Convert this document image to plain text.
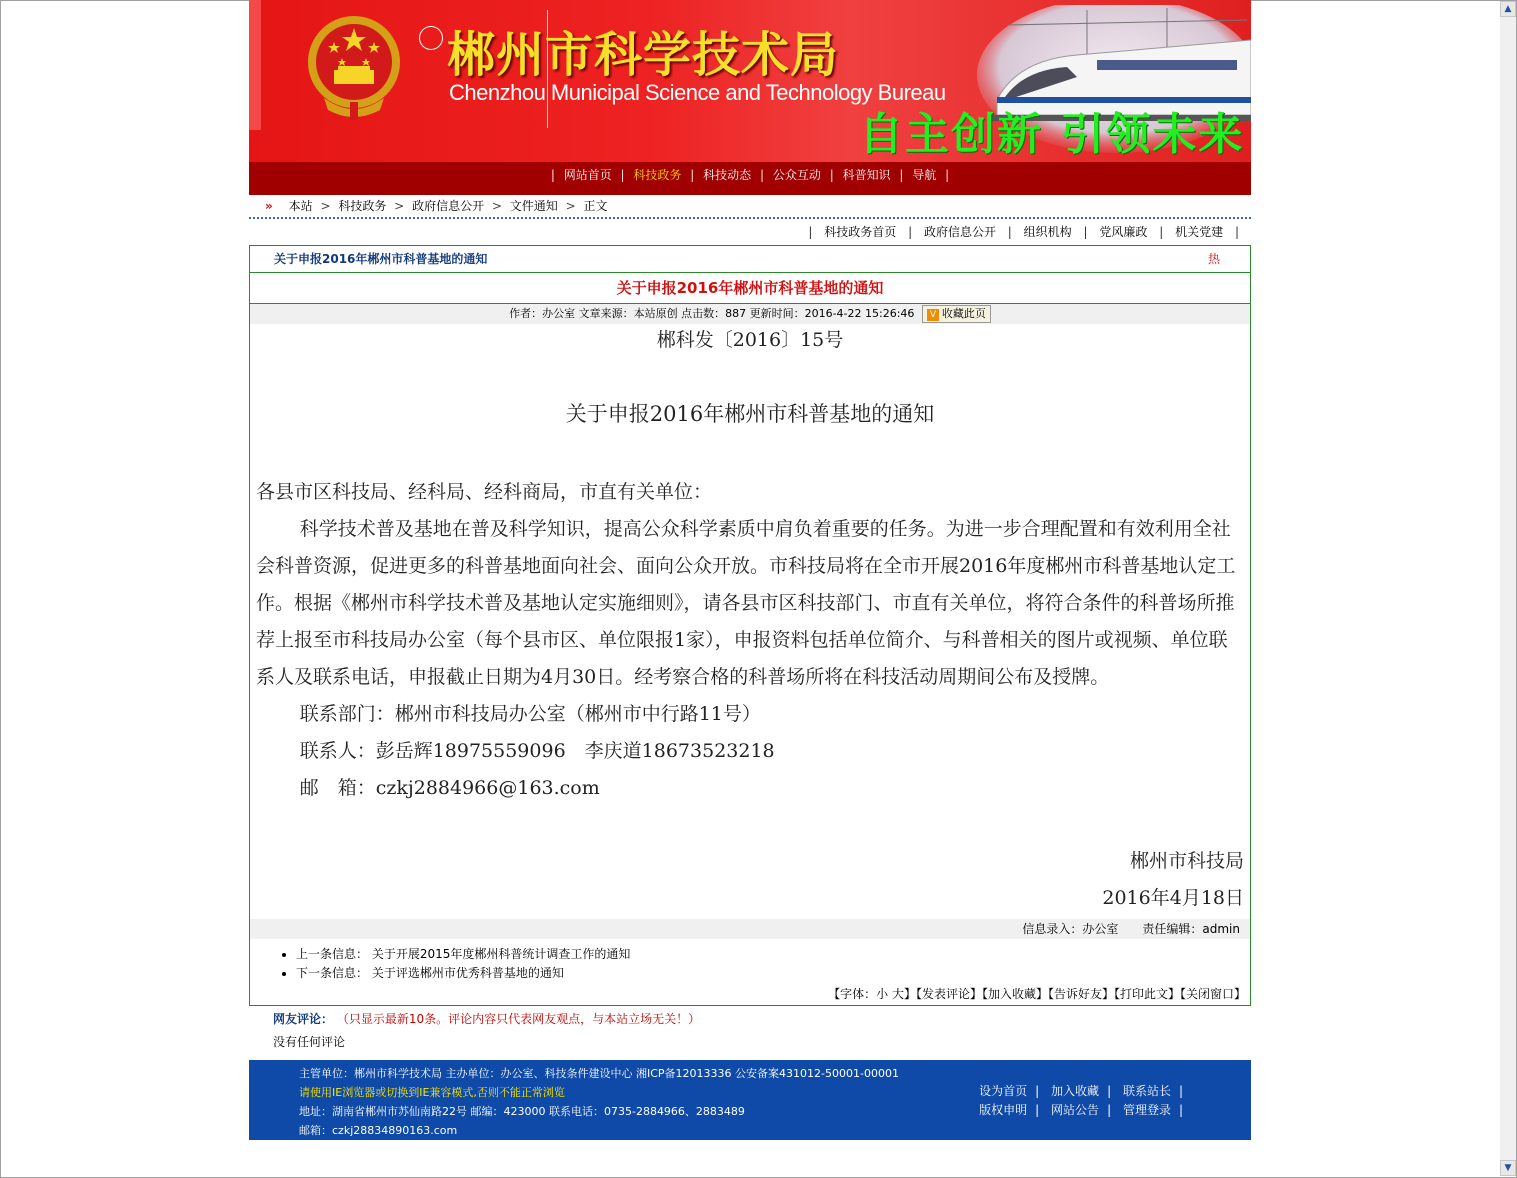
▲
▼
郴州市科学技术局
Chenzhou Municipal Science and Technology Bureau
自主创新 引领未来
| 网站首页 | 科技政务 | 科技动态 | 公众互动 | 科普知识 | 导航 |
» 本站 > 科技政务 > 政府信息公开 > 文件通知 > 正文
| 科技政务首页 | 政府信息公开 | 组织机构 | 党风廉政 | 机关党建 |
关于申报2016年郴州市科普基地的通知	热
关于申报2016年郴州市科普基地的通知
作者：办公室 文章来源：本站原创 点击数：887 更新时间：2016-4-22 15:26:46 V 收藏此页
郴科发〔2016〕15号
关于申报2016年郴州市科普基地的通知
各县市区科技局、经科局、经科商局，市直有关单位：
科学技术普及基地在普及科学知识，提高公众科学素质中肩负着重要的任务。为进一步合理配置和有效利用全社会科普资源，促进更多的科普基地面向社会、面向公众开放。市科技局将在全市开展2016年度郴州市科普基地认定工作。根据《郴州市科学技术普及基地认定实施细则》，请各县市区科技部门、市直有关单位，将符合条件的科普场所推荐上报至市科技局办公室（每个县市区、单位限报1家），申报资料包括单位简介、与科普相关的图片或视频、单位联系人及联系电话，申报截止日期为4月30日。经考察合格的科普场所将在科技活动周期间公布及授牌。
联系部门：郴州市科技局办公室（郴州市中行路11号）
联系人：彭岳辉18975559096　李庆道18673523218
邮　箱：czkj2884966@163.com
郴州市科技局
2016年4月18日
信息录入：办公室 责任编辑：admin
• 上一条信息： 关于开展2015年度郴州科普统计调查工作的通知
• 下一条信息： 关于评选郴州市优秀科普基地的通知
【字体：小 大】【发表评论】【加入收藏】【告诉好友】【打印此文】【关闭窗口】
网友评论： （只显示最新10条。评论内容只代表网友观点，与本站立场无关！）
没有任何评论
主管单位：郴州市科学技术局 主办单位：办公室、科技条件建设中心 湘ICP备12013336 公安备案431012-50001-00001
请使用IE浏览器或切换到IE兼容模式,否则不能正常浏览
地址：湖南省郴州市苏仙南路22号 邮编：423000 联系电话：0735-2884966、2883489
邮箱：czkj28834890163.com
设为首页 | 加入收藏 | 联系站长 |
版权申明 | 网站公告 | 管理登录 |
